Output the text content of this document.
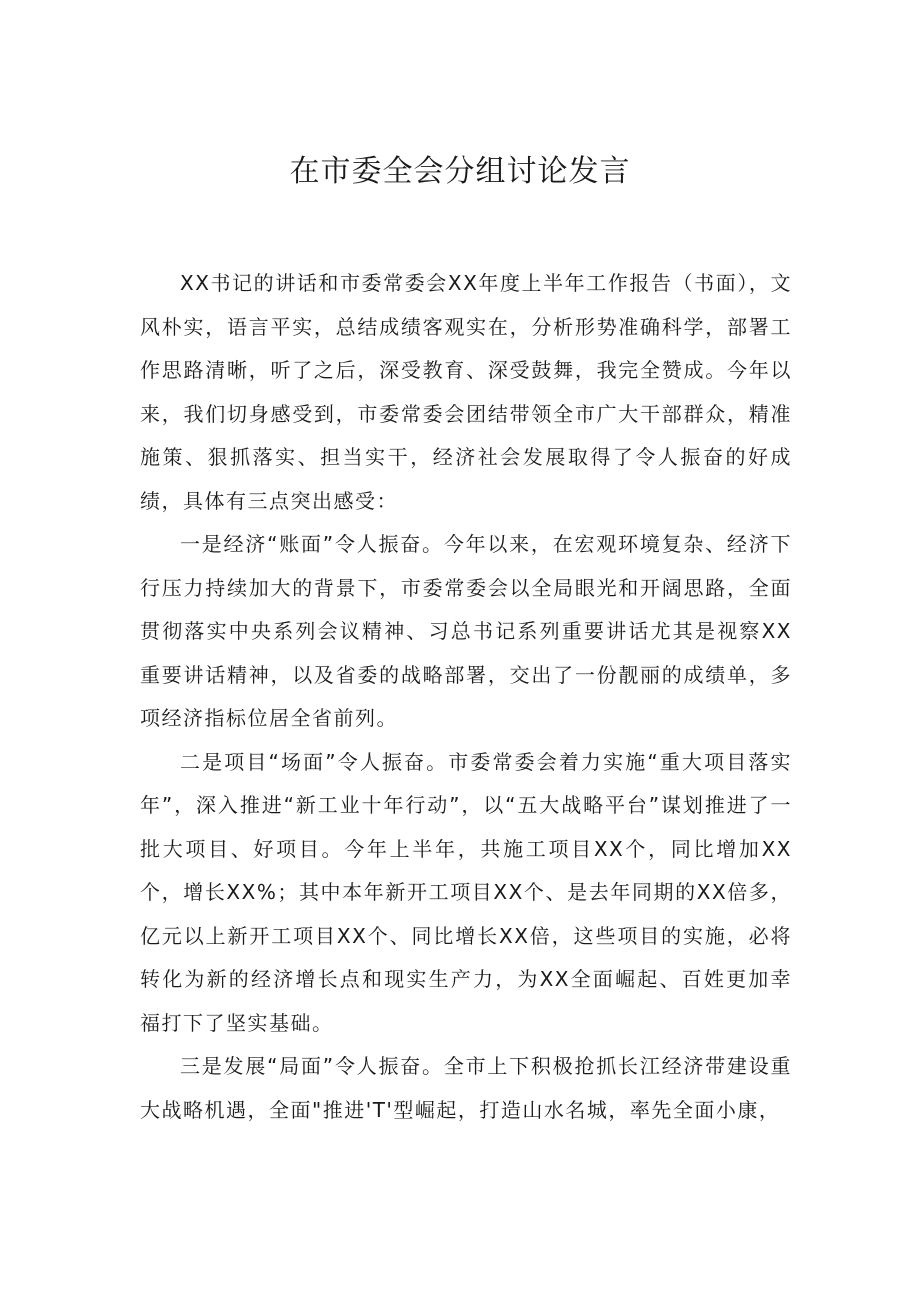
在市委全会分组讨论发言

XX书记的讲话和市委常委会XX年度上半年工作报告（书面），文风朴实，语言平实，总结成绩客观实在，分析形势准确科学，部署工作思路清晰，听了之后，深受教育、深受鼓舞，我完全赞成。今年以来，我们切身感受到，市委常委会团结带领全市广大干部群众，精准施策、狠抓落实、担当实干，经济社会发展取得了令人振奋的好成绩，具体有三点突出感受：

一是经济“账面”令人振奋。今年以来，在宏观环境复杂、经济下行压力持续加大的背景下，市委常委会以全局眼光和开阔思路，全面贯彻落实中央系列会议精神、习总书记系列重要讲话尤其是视察XX重要讲话精神，以及省委的战略部署，交出了一份靓丽的成绩单，多项经济指标位居全省前列。

二是项目“场面”令人振奋。市委常委会着力实施“重大项目落实年”，深入推进“新工业十年行动”，以“五大战略平台”谋划推进了一批大项目、好项目。今年上半年，共施工项目XX个，同比增加XX个，增长XX%；其中本年新开工项目XX个、是去年同期的XX倍多，亿元以上新开工项目XX个、同比增长XX倍，这些项目的实施，必将转化为新的经济增长点和现实生产力，为XX全面崛起、百姓更加幸福打下了坚实基础。

三是发展“局面”令人振奋。全市上下积极抢抓长江经济带建设重大战略机遇，全面"推进'T'型崛起，打造山水名城，率先全面小康，
